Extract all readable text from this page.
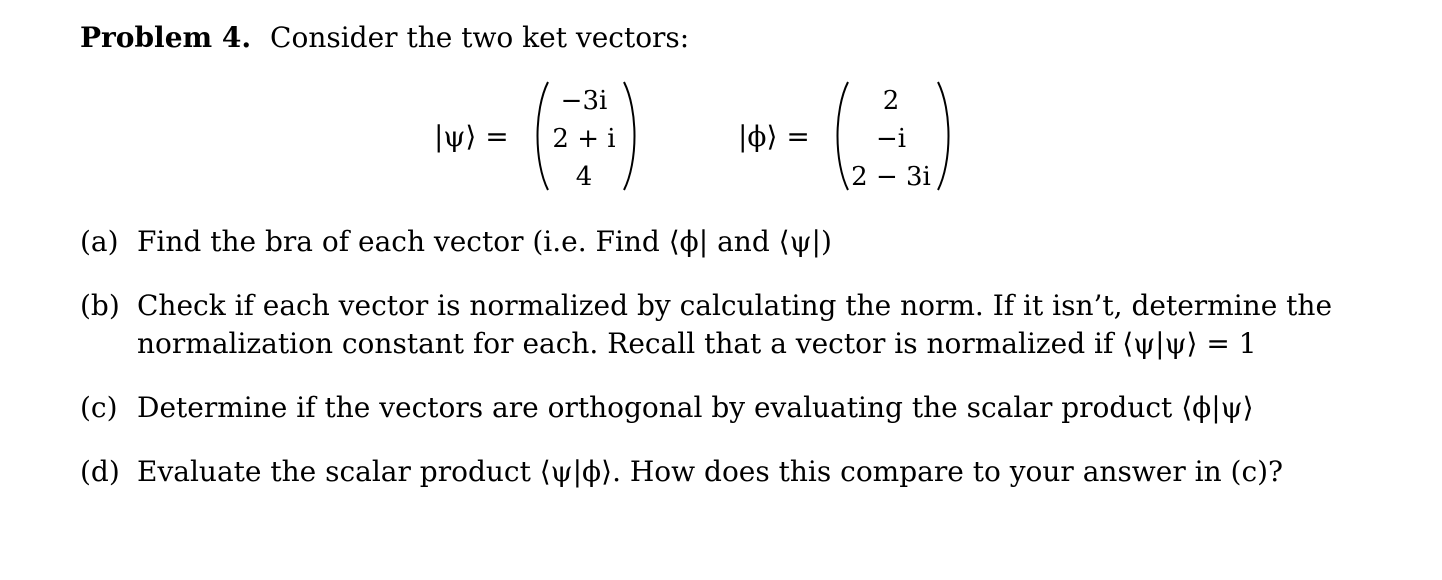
Problem 4. Consider the two ket vectors:
|ψ⟩ =
−3i
2 + i
4
|ϕ⟩ =
2
−i
2 − 3i
(a) Find the bra of each vector (i.e. Find ⟨ϕ| and ⟨ψ|)
(b) Check if each vector is normalized by calculating the norm. If it isn’t, determine the
normalization constant for each. Recall that a vector is normalized if ⟨ψ|ψ⟩ = 1
(c) Determine if the vectors are orthogonal by evaluating the scalar product ⟨ϕ|ψ⟩
(d) Evaluate the scalar product ⟨ψ|ϕ⟩. How does this compare to your answer in (c)?
